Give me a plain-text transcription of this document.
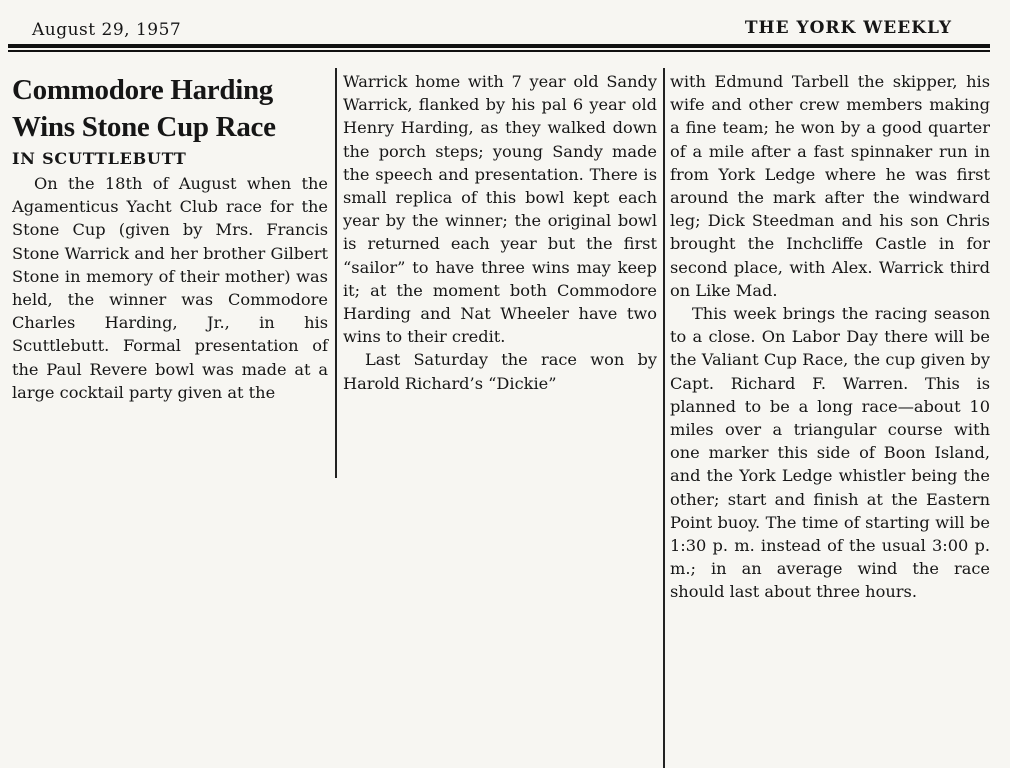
August 29, 1957	THE YORK WEEKLY
Commodore Harding
Wins Stone Cup Race
IN SCUTTLEBUTT

On the 18th of August when the Agamenticus Yacht Club race for the Stone Cup (given by Mrs. Francis Stone Warrick and her brother Gilbert Stone in memory of their mother) was held, the winner was Commodore Charles Harding, Jr., in his Scuttlebutt. Formal presentation of the Paul Revere bowl was made at a large cocktail party given at the

Warrick home with 7 year old Sandy Warrick, flanked by his pal 6 year old Henry Harding, as they walked down the porch steps; young Sandy made the speech and presentation. There is small replica of this bowl kept each year by the winner; the original bowl is returned each year but the first “sailor” to have three wins may keep it; at the moment both Commodore Harding and Nat Wheeler have two wins to their credit.

Last Saturday the race won by Harold Richard’s “Dickie”

with Edmund Tarbell the skipper, his wife and other crew members making a fine team; he won by a good quarter of a mile after a fast spinnaker run in from York Ledge where he was first around the mark after the windward leg; Dick Steedman and his son Chris brought the Inchcliffe Castle in for second place, with Alex. Warrick third on Like Mad.

This week brings the racing season to a close. On Labor Day there will be the Valiant Cup Race, the cup given by Capt. Richard F. Warren. This is planned to be a long race—about 10 miles over a triangular course with one marker this side of Boon Island, and the York Ledge whistler being the other; start and finish at the Eastern Point buoy. The time of starting will be 1:30 p. m. instead of the usual 3:00 p. m.; in an average wind the race should last about three hours.
